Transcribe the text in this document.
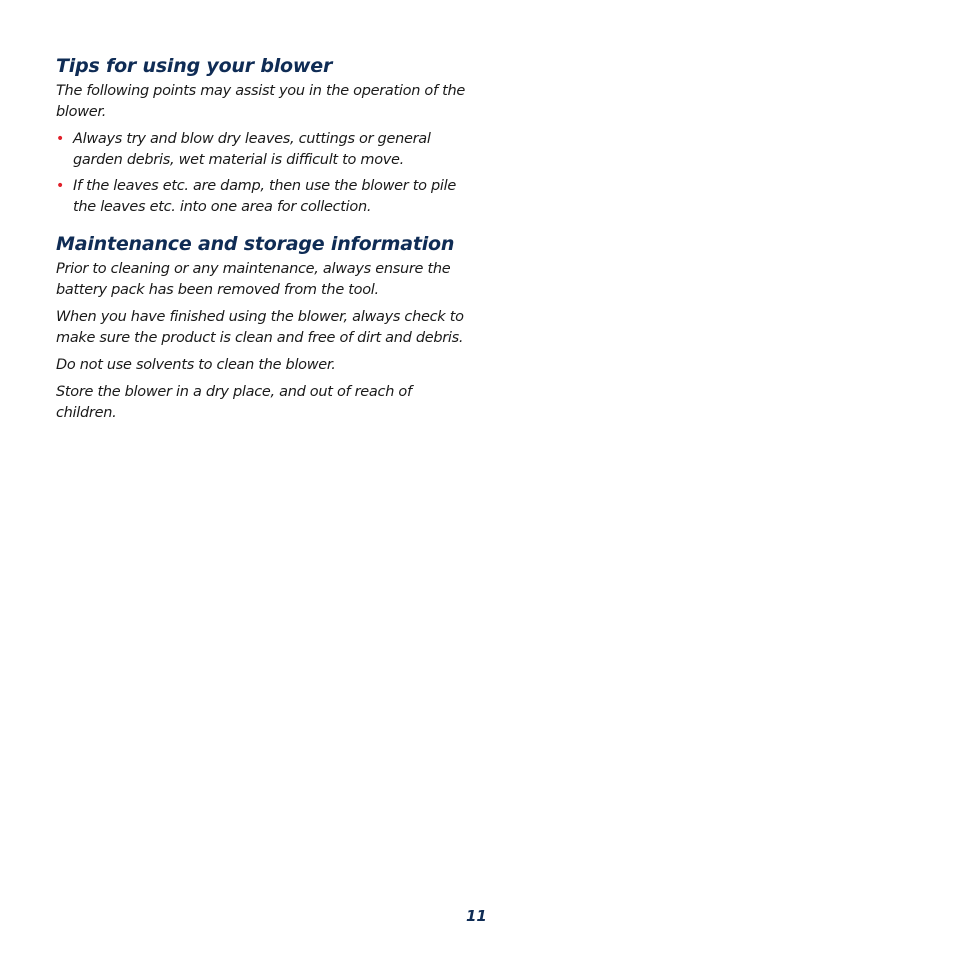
Tips for using your blower

The following points may assist you in the operation of the blower.

• Always try and blow dry leaves, cuttings or general garden debris, wet material is difficult to move.
• If the leaves etc. are damp, then use the blower to pile the leaves etc. into one area for collection.
Maintenance and storage information

Prior to cleaning or any maintenance, always ensure the battery pack has been removed from the tool.

When you have finished using the blower, always check to make sure the product is clean and free of dirt and debris.

Do not use solvents to clean the blower.

Store the blower in a dry place, and out of reach of children.

11
